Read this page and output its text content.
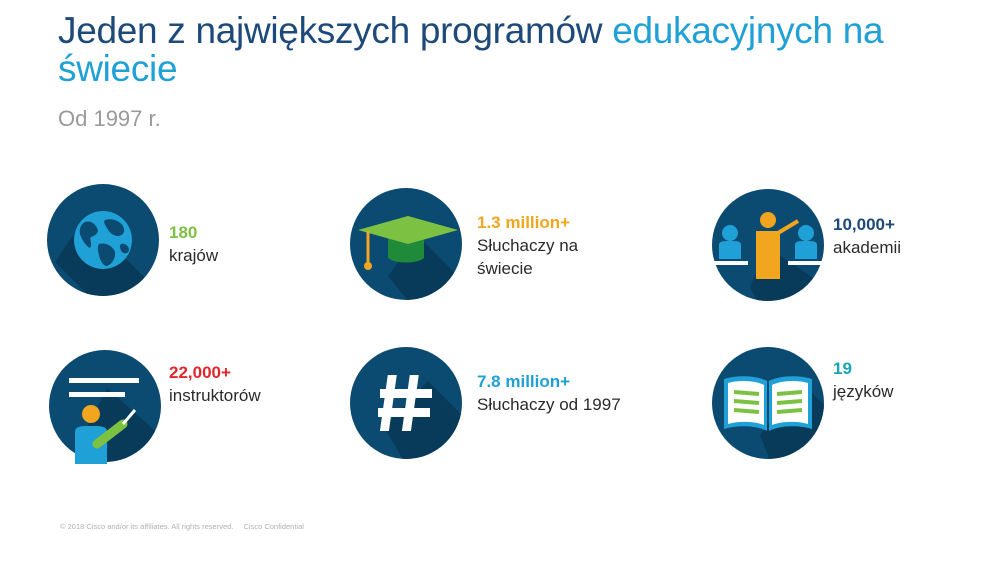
Jeden z największych programów edukacyjnych na świecie
Od 1997 r.
180
krajów
1.3 million+
Słuchaczy na świecie
10,000+
akademii
22,000+
instruktorów
7.8 million+
Słuchaczy od 1997
19
języków
© 2018 Cisco and/or its affiliates. All rights reserved. Cisco Confidential
